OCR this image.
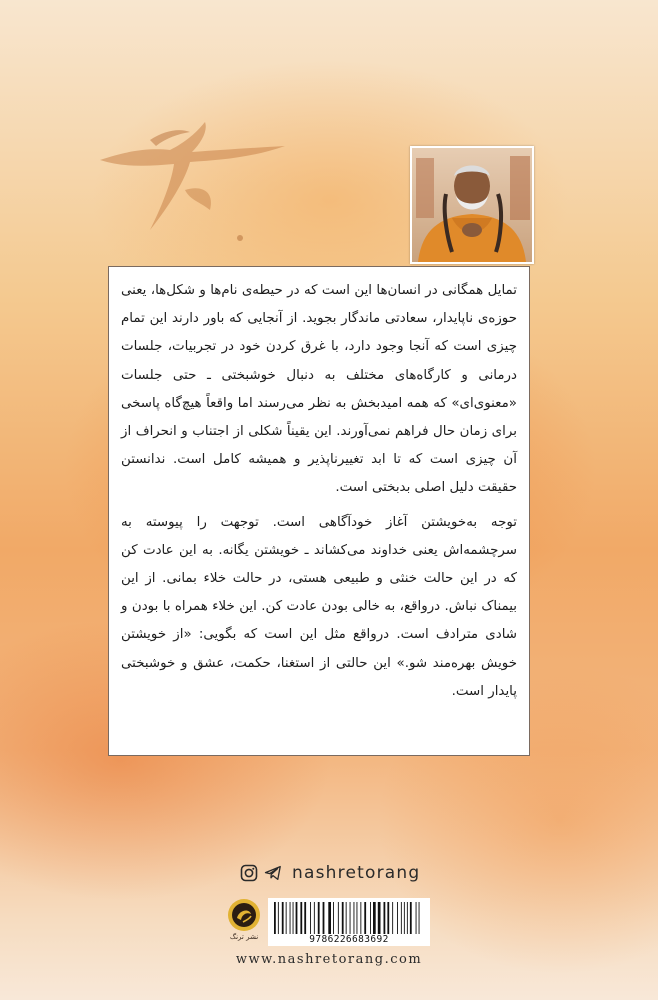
تمایل همگانی در انسان‌ها این است که در حیطه‌ی نام‌ها و شکل‌ها، یعنی حوزه‌ی ناپایدار، سعادتی ماندگار بجوید. از آنجایی که باور دارند این تمام چیزی است که آنجا وجود دارد، با غرق کردن خود در تجربیات، جلسات درمانی و کارگاه‌های مختلف به دنبال خوشبختی ـ حتی جلسات «معنوی‌ای» که همه امیدبخش به نظر می‌رسند اما واقعاً هیچ‌گاه پاسخی برای زمان حال فراهم نمی‌آورند. این یقیناً شکلی از اجتناب و انحراف از آن چیزی است که تا ابد تغییرناپذیر و همیشه کامل است. ندانستن حقیقت دلیل اصلی بدبختی است.

توجه به‌خویشتن آغاز خودآگاهی است. توجهت را پیوسته به سرچشمه‌اش یعنی خداوند می‌کشاند ـ خویشتن یگانه. به این عادت کن که در این حالت خنثی و طبیعی هستی، در حالت خلاء بمانی. از این بیمناک نباش. درواقع، به خالی بودن عادت کن. این خلاء همراه با بودن و شادی مترادف است. درواقع مثل این است که بگویی: «از خویشتن خویش بهره‌مند شو.» این حالتی از استغنا، حکمت، عشق و خوشبختی پایدار است.

nashretorang
نشر ترنگ	9786226683692
www.nashretorang.com
